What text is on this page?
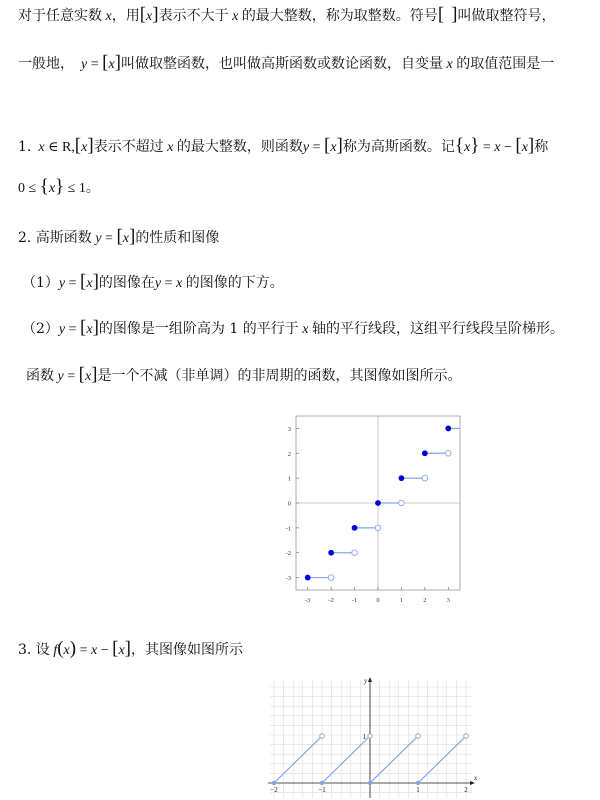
对于任意实数 x，用[x]表示不大于 x 的最大整数，称为取整数。符号[ ]叫做取整符号，
一般地， y = [x]叫做取整函数，也叫做高斯函数或数论函数，自变量 x 的取值范围是一
1. x ∈ R,[x]表示不超过 x 的最大整数，则函数y = [x]称为高斯函数。记{x} = x − [x]称
0 ≤ {x} ≤ 1。
2. 高斯函数 y = [x]的性质和图像
（1）y = [x]的图像在y = x 的图像的下方。
（2）y = [x]的图像是一组阶高为 1 的平行于 x 轴的平行线段，这组平行线段呈阶梯形。
函数 y = [x]是一个不减（非单调）的非周期的函数，其图像如图所示。
-3	-2	-1	0	1	2	3
-3
-2
-1
0
1
2
3
3. 设 f(x) = x − [x]，其图像如图所示
x
y
−2	−1	1	2
1
